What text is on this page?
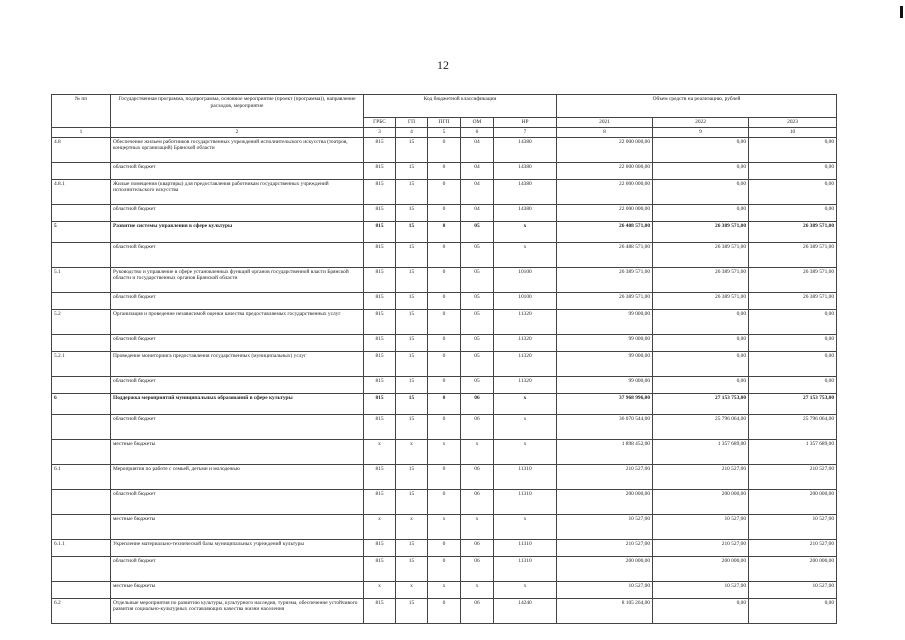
12
№ пп	Государственная программа, подпрограмма, основное мероприятие (проект (программа)), направление расходов, мероприятие	Код бюджетной классификации					Объем средств на реализацию, рублей		
		ГРБС	ГП	ПГП	ОМ	НР	2021	2022	2023
1	2	3	4	5	6	7	8	9	10
4.8	Обеспечение жильем работников государственных учреждений исполнительского искусства (театров, концертных организаций) Брянской области	815	15	0	04	14380	22 000 000,00	0,00	0,00
	областной бюджет	815	15	0	04	14380	22 000 000,00	0,00	0,00
4.8.1	Жилые помещения (квартиры) для предоставления работникам государственных учреждений исполнительского искусства	815	15	0	04	14380	22 000 000,00	0,00	0,00
	областной бюджет	815	15	0	04	14380	22 000 000,00	0,00	0,00
5	Развитие системы управления в сфере культуры	815	15	0	05	х	26 488 571,00	26 389 571,00	26 389 571,00
	областной бюджет	815	15	0	05	х	26 488 571,00	26 389 571,00	26 389 571,00
5.1	Руководство и управление в сфере установленных функций органов государственной власти Брянской области и государственных органов Брянской области	815	15	0	05	10100	26 389 571,00	26 389 571,00	26 389 571,00
	областной бюджет	815	15	0	05	10100	26 389 571,00	26 389 571,00	26 389 571,00
5.2	Организация и проведение независимой оценки качества предоставляемых государственных услуг	815	15	0	05	11320	99 000,00	0,00	0,00
	областной бюджет	815	15	0	05	11320	99 000,00	0,00	0,00
5.2.1	Проведение мониторинга предоставления государственных (муниципальных) услуг	815	15	0	05	11320	99 000,00	0,00	0,00
	областной бюджет	815	15	0	05	11320	99 000,00	0,00	0,00
6	Поддержка мероприятий муниципальных образований в сфере культуры	815	15	0	06	х	37 968 996,00	27 153 753,00	27 153 753,00
	областной бюджет	815	15	0	06	х	36 070 544,00	25 796 064,00	25 796 064,00
	местные бюджеты	х	х	х	х	х	1 898 452,00	1 357 689,00	1 357 689,00
6.1	Мероприятия по работе с семьей, детьми и молодежью	815	15	0	06	11310	210 527,00	210 527,00	210 527,00
	областной бюджет	815	15	0	06	11310	200 000,00	200 000,00	200 000,00
	местные бюджеты	х	х	х	х	х	10 527,00	10 527,00	10 527,00
6.1.1	Укрепление материально-технической базы муниципальных учреждений культуры	815	15	0	06	11310	210 527,00	210 527,00	210 527,00
	областной бюджет	815	15	0	06	11310	200 000,00	200 000,00	200 000,00
	местные бюджеты	х	х	х	х	х	10 527,00	10 527,00	10 527,00
6.2	Отдельные мероприятия по развитию культуры, культурного наследия, туризма, обеспечение устойчивого развития социально-культурных составляющих качества жизни населения	815	15	0	06	14240	8 105 264,00	0,00	0,00
